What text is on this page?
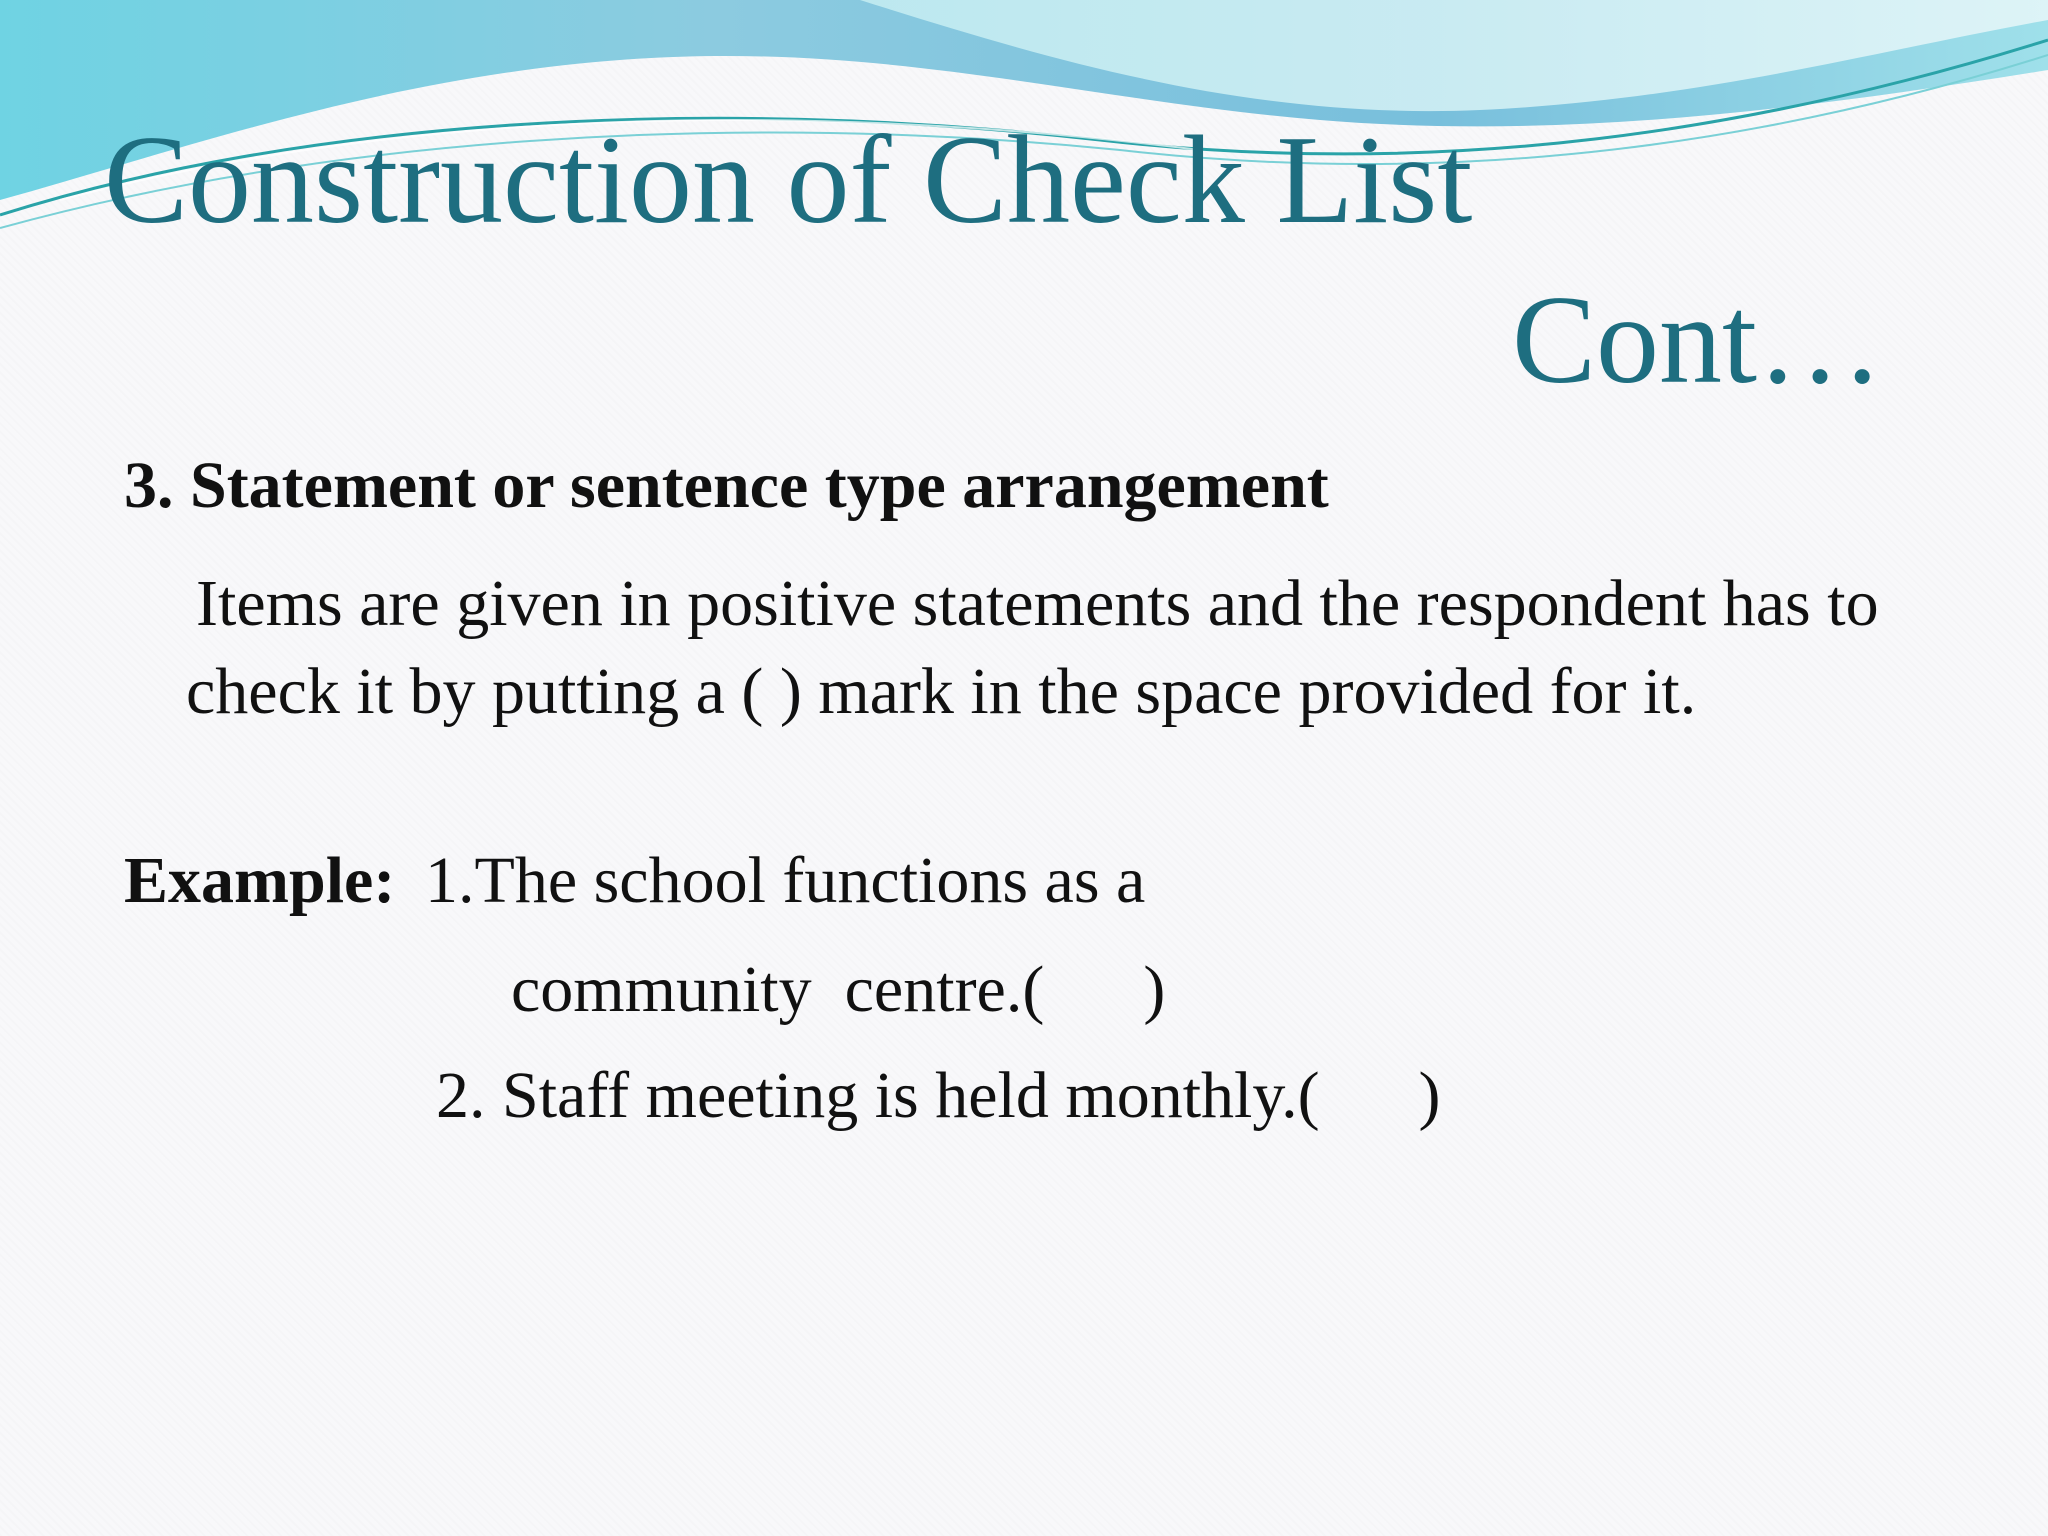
Construction of Check List
Cont…
3. Statement or sentence type arrangement
Items are given in positive statements and the respondent has to check it by putting a ( ) mark in the space provided for it.
Example: 1.The school functions as a
community  centre.(      )
2. Staff meeting is held monthly.(      )
